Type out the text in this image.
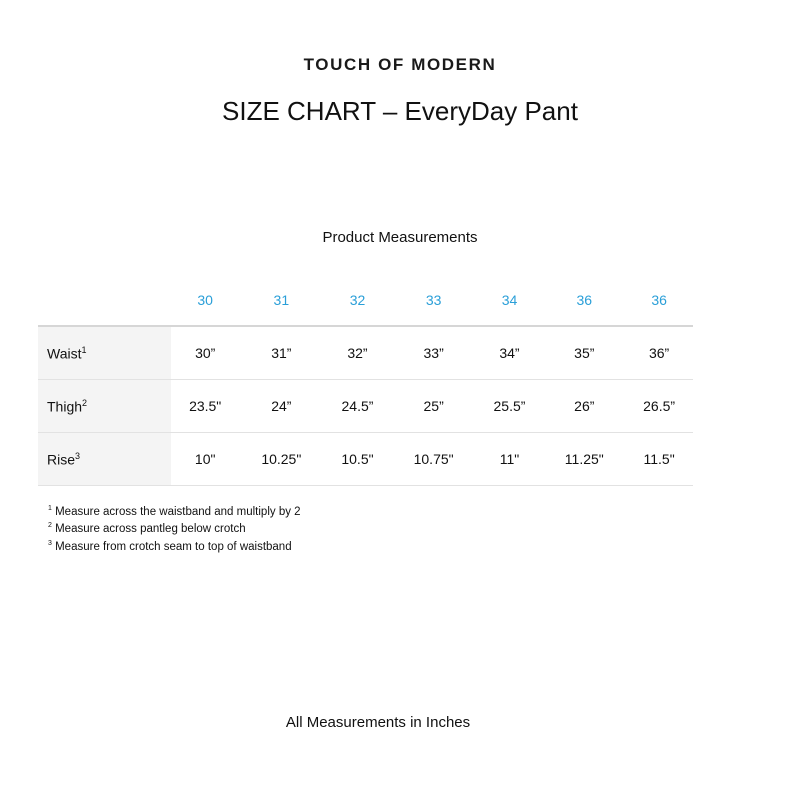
TOUCH OF MODERN
SIZE CHART – EveryDay Pant
Product Measurements
	30	31	32	33	34	36	36
Waist$^1$	30”	31”	32”	33”	34”	35”	36”
Thigh$^2$	23.5"	24”	24.5”	25”	25.5”	26”	26.5”
Rise$^3$	10"	10.25"	10.5"	10.75"	11"	11.25"	11.5"
$^1$ Measure across the waistband and multiply by 2
$^2$ Measure across pantleg below crotch
$^3$ Measure from crotch seam to top of waistband
All Measurements in Inches
